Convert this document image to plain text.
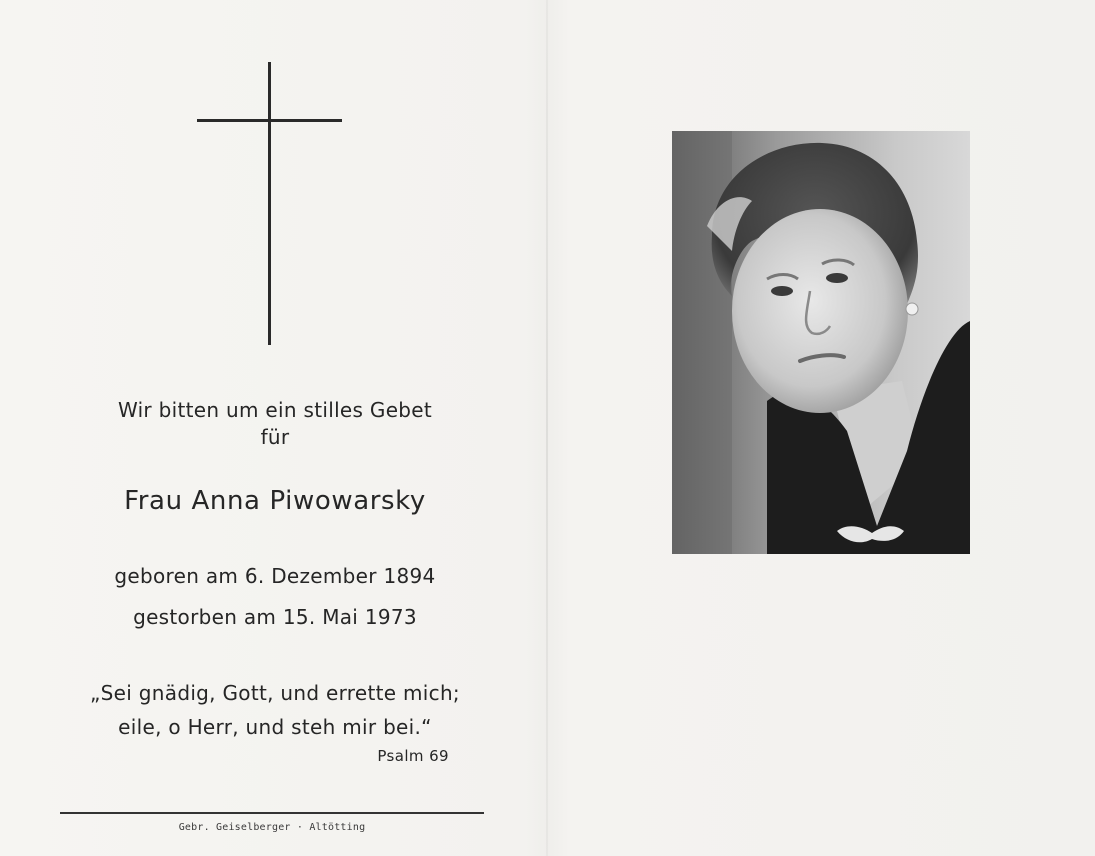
Wir bitten um ein stilles Gebet
für
Frau Anna Piwowarsky
geboren am 6. Dezember 1894
gestorben am 15. Mai 1973
„Sei gnädig, Gott, und errette mich;
eile, o Herr, und steh mir bei.“
Psalm 69
Gebr. Geiselberger · Altötting
